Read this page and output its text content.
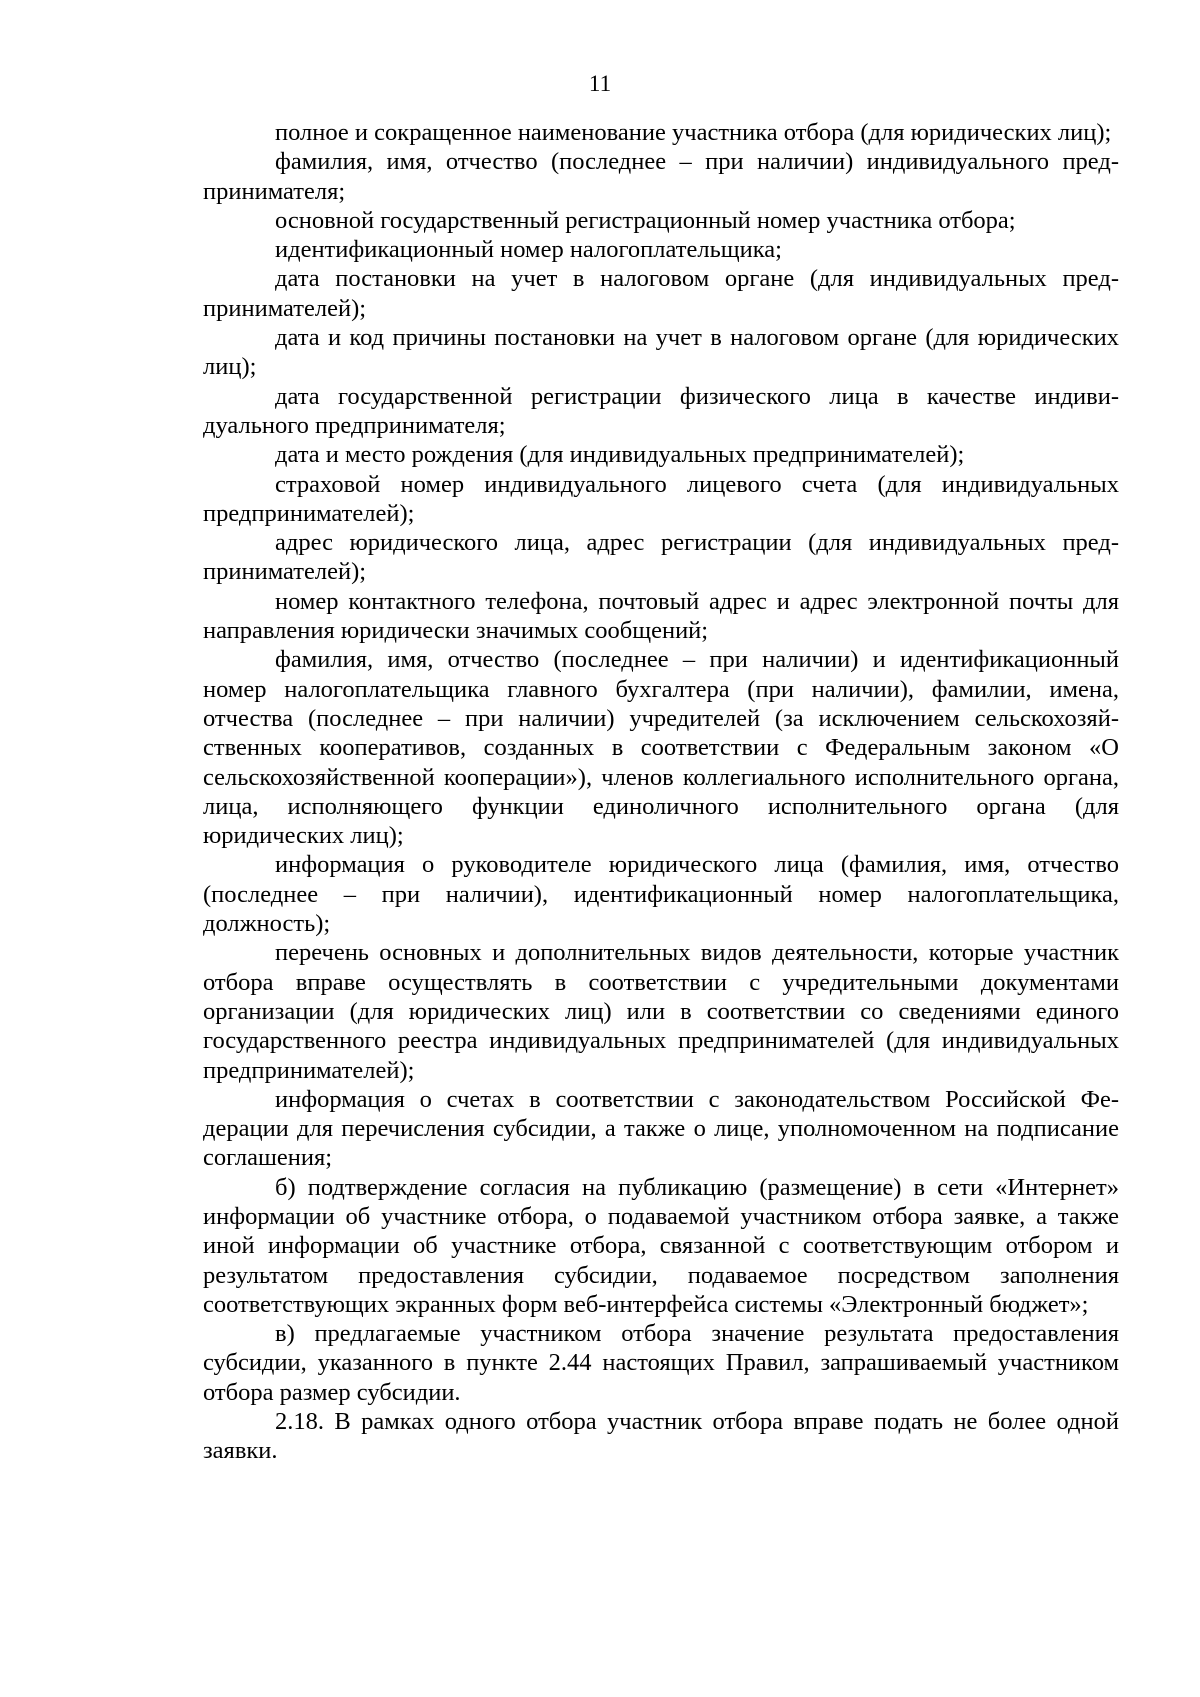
11

полное и сокращенное наименование участника отбора (для юридических лиц);

фамилия, имя, отчество (последнее – при наличии) индивидуального предпринимателя;

основной государственный регистрационный номер участника отбора;

идентификационный номер налогоплательщика;

дата постановки на учет в налоговом органе (для индивидуальных предпринимателей);

дата и код причины постановки на учет в налоговом органе (для юридических лиц);

дата государственной регистрации физического лица в качестве индивидуального предпринимателя;

дата и место рождения (для индивидуальных предпринимателей);

страховой номер индивидуального лицевого счета (для индивидуальных предпринимателей);

адрес юридического лица, адрес регистрации (для индивидуальных предпринимателей);

номер контактного телефона, почтовый адрес и адрес электронной почты для направления юридически значимых сообщений;

фамилия, имя, отчество (последнее – при наличии) и идентификационный номер налогоплательщика главного бухгалтера (при наличии), фамилии, имена, отчества (последнее – при наличии) учредителей (за исключением сельскохозяйственных кооперативов, созданных в соответствии с Федеральным законом «О сельскохозяйственной кооперации»), членов коллегиального исполнительного органа, лица, исполняющего функции единоличного исполнительного органа (для юридических лиц);

информация о руководителе юридического лица (фамилия, имя, отчество (последнее – при наличии), идентификационный номер налогоплательщика, должность);

перечень основных и дополнительных видов деятельности, которые участник отбора вправе осуществлять в соответствии с учредительными документами организации (для юридических лиц) или в соответствии со сведениями единого государственного реестра индивидуальных предпринимателей (для индивидуальных предпринимателей);

информация о счетах в соответствии с законодательством Российской Федерации для перечисления субсидии, а также о лице, уполномоченном на подписание соглашения;

б) подтверждение согласия на публикацию (размещение) в сети «Интернет» информации об участнике отбора, о подаваемой участником отбора заявке, а также иной информации об участнике отбора, связанной с соответствующим отбором и результатом предоставления субсидии, подаваемое посредством заполнения соответствующих экранных форм веб-интерфейса системы «Электронный бюджет»;

в) предлагаемые участником отбора значение результата предоставления субсидии, указанного в пункте 2.44 настоящих Правил, запрашиваемый участником отбора размер субсидии.

2.18. В рамках одного отбора участник отбора вправе подать не более одной заявки.
